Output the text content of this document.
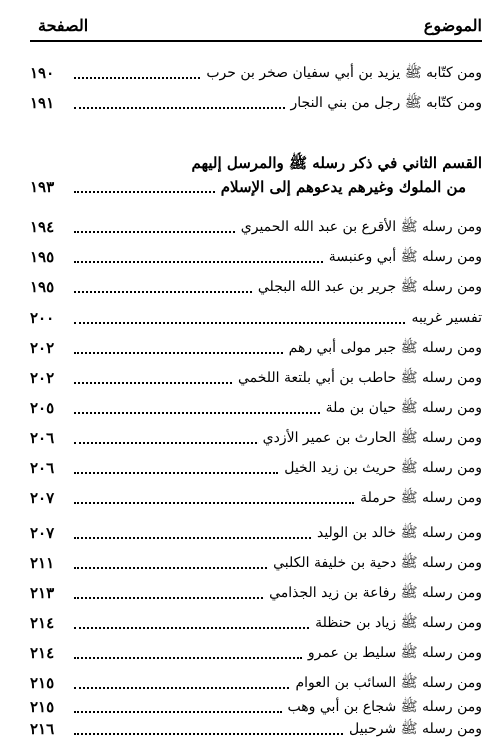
الصفحة	الموضوع
١٩٠	ومن كتّابه ﷺ يزيد بن أبي سفيان صخر بن حرب
١٩١	ومن كتّابه ﷺ رجل من بني النجار
القسم الثاني في ذكر رسله ﷺ والمرسل إليهم
١٩٣	من الملوك وغيرهم يدعوهم إلى الإسلام
١٩٤	ومن رسله ﷺ الأقرع بن عبد الله الحميري
١٩٥	ومن رسله ﷺ أبي وعنبسة
١٩٥	ومن رسله ﷺ جرير بن عبد الله البجلي
٢٠٠	تفسير غريبه
٢٠٢	ومن رسله ﷺ جبر مولى أبي رهم
٢٠٢	ومن رسله ﷺ حاطب بن أبي بلتعة اللخمي
٢٠٥	ومن رسله ﷺ حيان بن ملة
٢٠٦	ومن رسله ﷺ الحارث بن عمير الأزدي
٢٠٦	ومن رسله ﷺ حريث بن زيد الخيل
٢٠٧	ومن رسله ﷺ حرملة
٢٠٧	ومن رسله ﷺ خالد بن الوليد
٢١١	ومن رسله ﷺ دحية بن خليفة الكلبي
٢١٣	ومن رسله ﷺ رفاعة بن زيد الجذامي
٢١٤	ومن رسله ﷺ زياد بن حنظلة
٢١٤	ومن رسله ﷺ سليط بن عمرو
٢١٥	ومن رسله ﷺ السائب بن العوام
٢١٥	ومن رسله ﷺ شجاع بن أبي وهب
٢١٦	ومن رسله ﷺ شرحبيل
